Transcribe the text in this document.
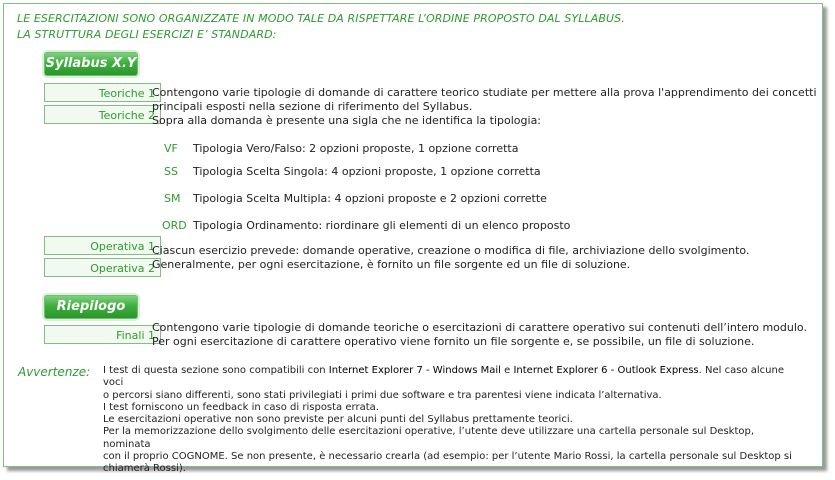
LE ESERCITAZIONI SONO ORGANIZZATE IN MODO TALE DA RISPETTARE L’ORDINE PROPOSTO DAL SYLLABUS.
LA STRUTTURA DEGLI ESERCIZI E’ STANDARD:
Syllabus X.Y
Teoriche 1
Teoriche 2
Contengono varie tipologie di domande di carattere teorico studiate per mettere alla prova l'apprendimento dei concetti
principali esposti nella sezione di riferimento del Syllabus.
Sopra alla domanda è presente una sigla che ne identifica la tipologia:
VF Tipologia Vero/Falso: 2 opzioni proposte, 1 opzione corretta
SS Tipologia Scelta Singola: 4 opzioni proposte, 1 opzione corretta
SM Tipologia Scelta Multipla: 4 opzioni proposte e 2 opzioni corrette
ORD Tipologia Ordinamento: riordinare gli elementi di un elenco proposto
Operativa 1
Operativa 2
Ciascun esercizio prevede: domande operative, creazione o modifica di file, archiviazione dello svolgimento.
Generalmente, per ogni esercitazione, è fornito un file sorgente ed un file di soluzione.
Riepilogo
Finali 1
Contengono varie tipologie di domande teoriche o esercitazioni di carattere operativo sui contenuti dell’intero modulo.
Per ogni esercitazione di carattere operativo viene fornito un file sorgente e, se possibile, un file di soluzione.
Avvertenze: I test di questa sezione sono compatibili con Internet Explorer 7 - Windows Mail e Internet Explorer 6 - Outlook Express. Nel caso alcune voci

o percorsi siano differenti, sono stati privilegiati i primi due software e tra parentesi viene indicata l’alternativa.

I test forniscono un feedback in caso di risposta errata.

Le esercitazioni operative non sono previste per alcuni punti del Syllabus prettamente teorici.

Per la memorizzazione dello svolgimento delle esercitazioni operative, l’utente deve utilizzare una cartella personale sul Desktop, nominata

con il proprio COGNOME. Se non presente, è necessario crearla (ad esempio: per l’utente Mario Rossi, la cartella personale sul Desktop si

chiamerà Rossi).
